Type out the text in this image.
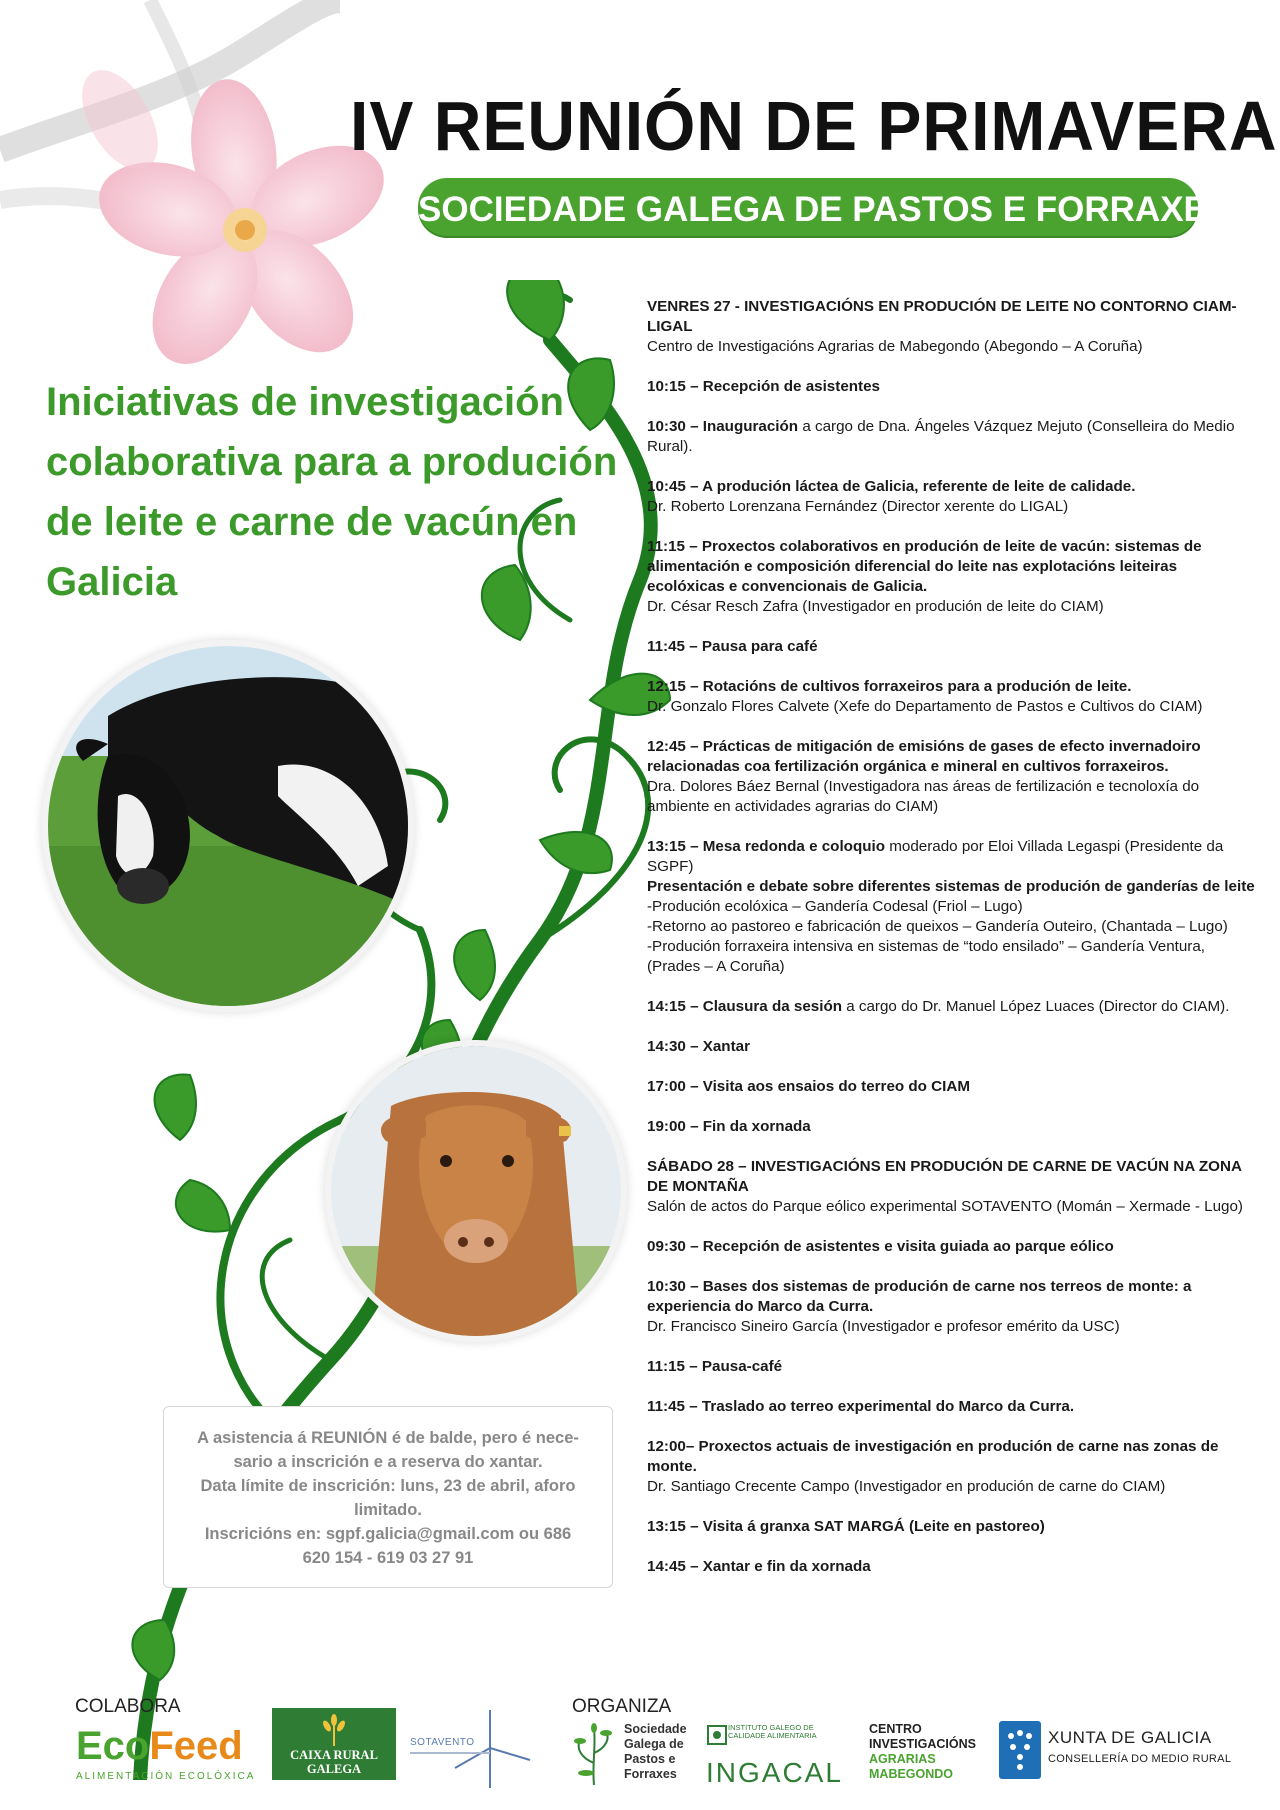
IV REUNIÓN DE PRIMAVERA
SOCIEDADE GALEGA DE PASTOS E FORRAXES
Iniciativas de investigación colaborativa para a produción de leite e carne de vacún en Galicia
VENRES 27 - INVESTIGACIÓNS EN PRODUCIÓN DE LEITE NO CONTORNO CIAM-LIGAL
Centro de Investigacións Agrarias de Mabegondo (Abegondo – A Coruña)
10:15 – Recepción de asistentes
10:30 – Inauguración a cargo de Dna. Ángeles Vázquez Mejuto (Conselleira do Medio Rural).
10:45 – A produción láctea de Galicia, referente de leite de calidade.
Dr. Roberto Lorenzana Fernández (Director xerente do LIGAL)
11:15 – Proxectos colaborativos en produción de leite de vacún: sistemas de alimentación e composición diferencial do leite nas explotacións leiteiras ecolóxicas e convencionais de Galicia.
Dr. César Resch Zafra (Investigador en produción de leite do CIAM)
11:45 – Pausa para café
12:15 – Rotacións de cultivos forraxeiros para a produción de leite.
Dr. Gonzalo Flores Calvete (Xefe do Departamento de Pastos e Cultivos do CIAM)
12:45 – Prácticas de mitigación de emisións de gases de efecto invernadoiro relacionadas coa fertilización orgánica e mineral en cultivos forraxeiros.
Dra. Dolores Báez Bernal (Investigadora nas áreas de fertilización e tecnoloxía do ambiente en actividades agrarias do CIAM)
13:15 – Mesa redonda e coloquio moderado por Eloi Villada Legaspi (Presidente da SGPF)
Presentación e debate sobre diferentes sistemas de produción de ganderías de leite
-Produción ecolóxica – Gandería Codesal (Friol – Lugo)
-Retorno ao pastoreo e fabricación de queixos – Gandería Outeiro, (Chantada – Lugo)
-Produción forraxeira intensiva en sistemas de “todo ensilado” – Gandería Ventura, (Prades – A Coruña)
14:15 – Clausura da sesión a cargo do Dr. Manuel López Luaces (Director do CIAM).
14:30 – Xantar
17:00 – Visita aos ensaios do terreo do CIAM
19:00 – Fin da xornada
SÁBADO 28 – INVESTIGACIÓNS EN PRODUCIÓN DE CARNE DE VACÚN NA ZONA DE MONTAÑA
Salón de actos do Parque eólico experimental SOTAVENTO (Momán – Xermade - Lugo)
09:30 – Recepción de asistentes e visita guiada ao parque eólico
10:30 – Bases dos sistemas de produción de carne nos terreos de monte: a experiencia do Marco da Curra.
Dr. Francisco Sineiro García (Investigador e profesor emérito da USC)
11:15 – Pausa-café
11:45 – Traslado ao terreo experimental do Marco da Curra.
12:00– Proxectos actuais de investigación en produción de carne nas zonas de monte.
Dr. Santiago Crecente Campo (Investigador en produción de carne do CIAM)
13:15 – Visita á granxa SAT MARGÁ (Leite en pastoreo)
14:45 – Xantar e fin da xornada
A asistencia á REUNIÓN é de balde, pero é nece-
sario a inscrición e a reserva do xantar.
Data límite de inscrición: luns, 23 de abril, aforo
limitado.
Inscricións en: sgpf.galicia@gmail.com ou 686
620 154 - 619 03 27 91
COLABORA	ORGANIZA
EcoFeed
ALIMENTACIÓN ECOLÓXICA
CAIXA RURAL
GALEGA
SOTAVENTO
Sociedade
Galega de
Pastos e
Forraxes
INSTITUTO GALEGO DE CALIDADE ALIMENTARIA
INGACAL
CENTRO
INVESTIGACIÓNS
AGRARIAS
MABEGONDO
XUNTA DE GALICIA
CONSELLERÍA DO MEDIO RURAL
